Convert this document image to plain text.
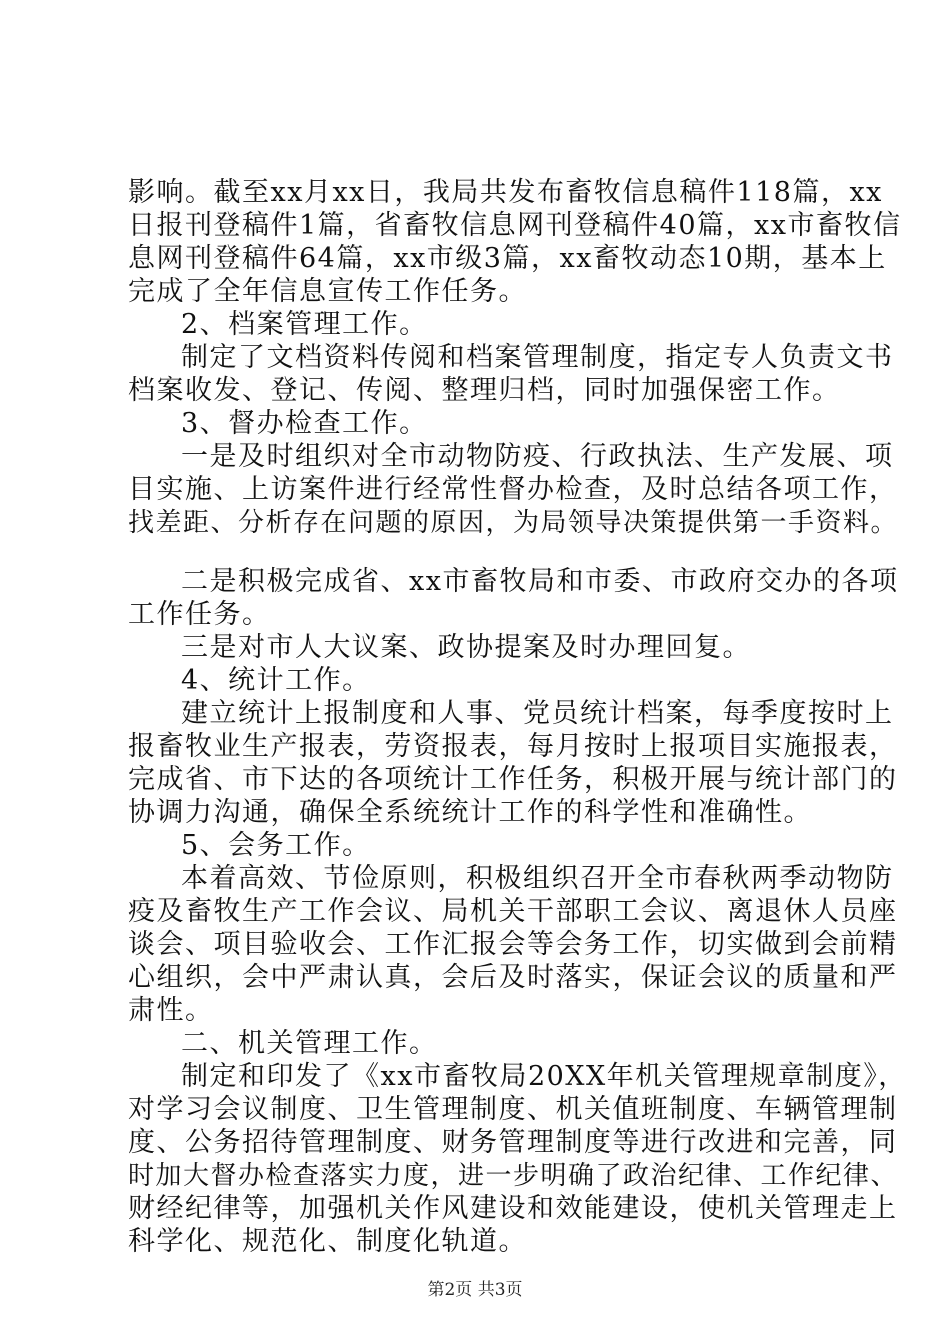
影响。截至xx月xx日，我局共发布畜牧信息稿件118篇，xx
日报刊登稿件1篇，省畜牧信息网刊登稿件40篇，xx市畜牧信
息网刊登稿件64篇，xx市级3篇，xx畜牧动态10期，基本上
完成了全年信息宣传工作任务。
2、档案管理工作。
制定了文档资料传阅和档案管理制度，指定专人负责文书
档案收发、登记、传阅、整理归档，同时加强保密工作。
3、督办检查工作。
一是及时组织对全市动物防疫、行政执法、生产发展、项
目实施、上访案件进行经常性督办检查，及时总结各项工作，
找差距、分析存在问题的原因，为局领导决策提供第一手资料。
二是积极完成省、xx市畜牧局和市委、市政府交办的各项
工作任务。
三是对市人大议案、政协提案及时办理回复。
4、统计工作。
建立统计上报制度和人事、党员统计档案，每季度按时上
报畜牧业生产报表，劳资报表，每月按时上报项目实施报表，
完成省、市下达的各项统计工作任务，积极开展与统计部门的
协调力沟通，确保全系统统计工作的科学性和准确性。
5、会务工作。
本着高效、节俭原则，积极组织召开全市春秋两季动物防
疫及畜牧生产工作会议、局机关干部职工会议、离退休人员座
谈会、项目验收会、工作汇报会等会务工作，切实做到会前精
心组织，会中严肃认真，会后及时落实，保证会议的质量和严
肃性。
二、机关管理工作。
制定和印发了《xx市畜牧局20XX年机关管理规章制度》，
对学习会议制度、卫生管理制度、机关值班制度、车辆管理制
度、公务招待管理制度、财务管理制度等进行改进和完善，同
时加大督办检查落实力度，进一步明确了政治纪律、工作纪律、
财经纪律等，加强机关作风建设和效能建设，使机关管理走上
科学化、规范化、制度化轨道。
第2页 共3页
